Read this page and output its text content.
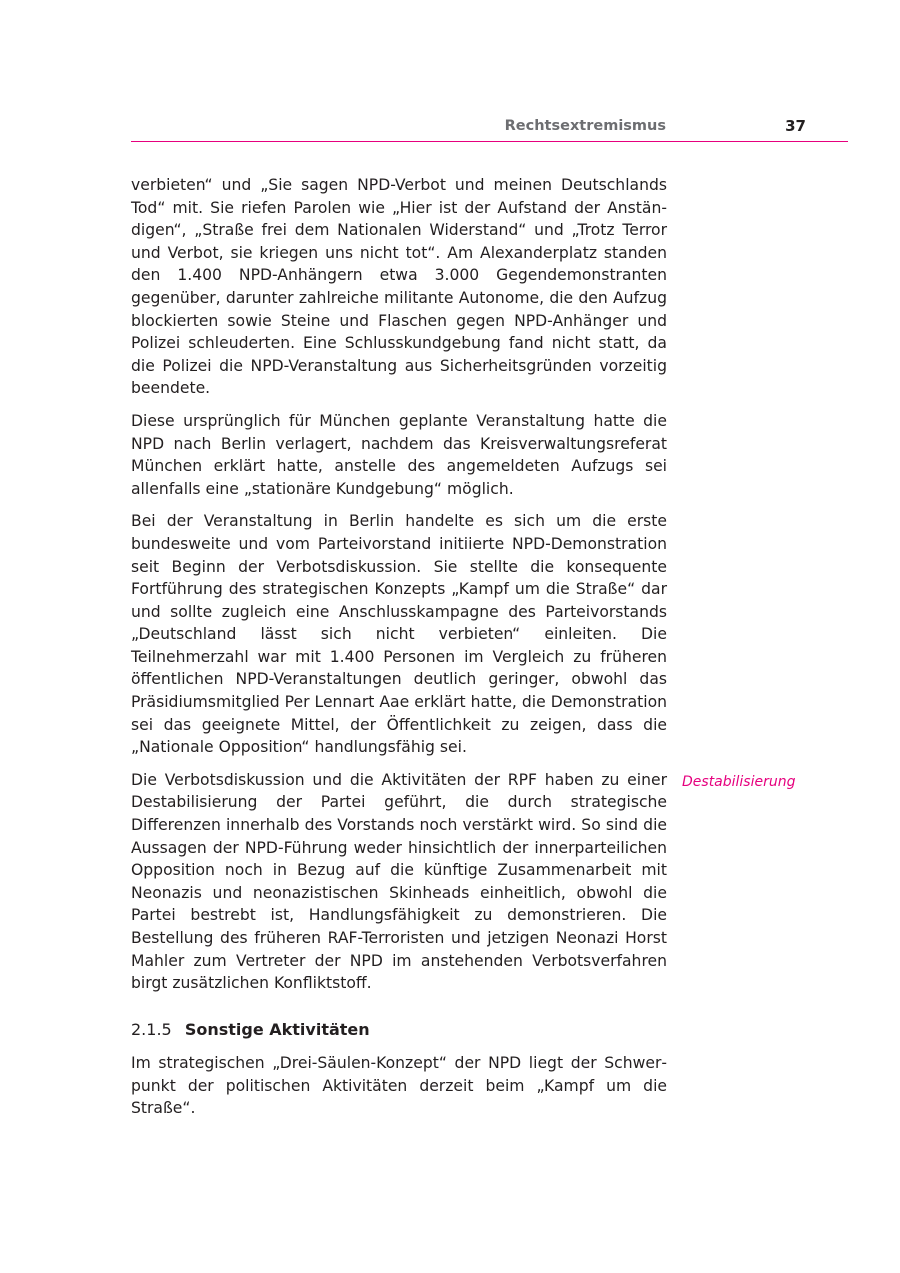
Rechtsextremismus	37

verbieten“ und „Sie sagen NPD-Verbot und meinen Deutschlands Tod“ mit. Sie riefen Parolen wie „Hier ist der Aufstand der Anständigen“, „Straße frei dem Nationalen Widerstand“ und „Trotz Terror und Verbot, sie kriegen uns nicht tot“. Am Alexanderplatz standen den 1.400 NPD-Anhängern etwa 3.000 Gegendemonstranten gegenüber, darunter zahlreiche militante Autonome, die den Aufzug blockierten sowie Steine und Flaschen gegen NPD-Anhänger und Polizei schleuderten. Eine Schlusskundgebung fand nicht statt, da die Polizei die NPD-Veranstaltung aus Sicherheitsgründen vorzeitig beendete.

Diese ursprünglich für München geplante Veranstaltung hatte die NPD nach Berlin verlagert, nachdem das Kreisverwaltungsreferat München erklärt hatte, anstelle des angemeldeten Aufzugs sei allenfalls eine „stationäre Kundgebung“ möglich.

Bei der Veranstaltung in Berlin handelte es sich um die erste bundesweite und vom Parteivorstand initiierte NPD-Demonstration seit Beginn der Verbotsdiskussion. Sie stellte die konsequente Fortführung des strategischen Konzepts „Kampf um die Straße“ dar und sollte zugleich eine Anschlusskampagne des Parteivorstands „Deutschland lässt sich nicht verbieten“ einleiten. Die Teilnehmerzahl war mit 1.400 Personen im Vergleich zu früheren öffentlichen NPD-Veranstaltungen deutlich geringer, obwohl das Präsidiumsmitglied Per Lennart Aae erklärt hatte, die Demonstration sei das geeignete Mittel, der Öffentlichkeit zu zeigen, dass die „Nationale Opposition“ handlungsfähig sei.

Die Verbotsdiskussion und die Aktivitäten der RPF haben zu einer Destabilisierung der Partei geführt, die durch strategische Differenzen innerhalb des Vorstands noch verstärkt wird. So sind die Aussagen der NPD-Führung weder hinsichtlich der innerparteilichen Opposition noch in Bezug auf die künftige Zusammenarbeit mit Neonazis und neonazistischen Skinheads einheitlich, obwohl die Partei bestrebt ist, Handlungsfähigkeit zu demonstrieren. Die Bestellung des früheren RAF-Terroristen und jetzigen Neonazi Horst Mahler zum Vertreter der NPD im anstehenden Verbotsverfahren birgt zusätzlichen Konfliktstoff.

Destabilisierung
2.1.5 Sonstige Aktivitäten

Im strategischen „Drei-Säulen-Konzept“ der NPD liegt der Schwerpunkt der politischen Aktivitäten derzeit beim „Kampf um die Straße“.
